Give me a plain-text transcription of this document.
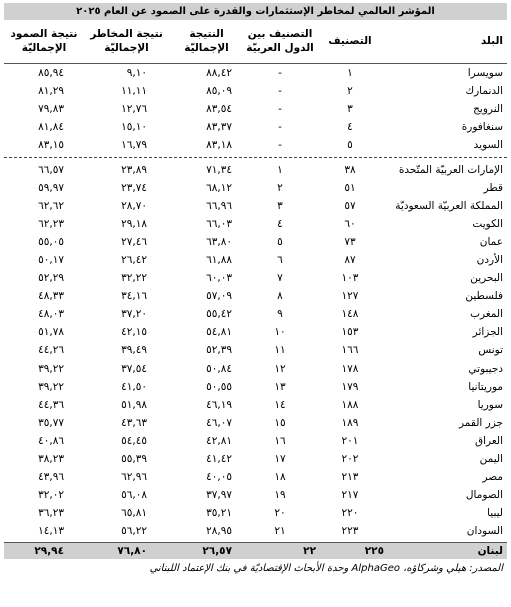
المؤشر العالمي لمخاطر الإستثمارات والقدرة على الصمود عن العام ٢٠٢٥
البلد
التصنيف
التصنيف بين الدول العربيّة
النتيجة الإجماليّة
نتيجة المخاطر الإجماليّة
نتيجة الصمود الإجماليّة
سويسرا
١
-
٨٨,٤٢
٩,١٠
٨٥,٩٤
الدنمارك
٢
-
٨٥,٠٩
١١,١١
٨١,٢٩
النرويج
٣
-
٨٣,٥٤
١٢,٧٦
٧٩,٨٣
سنغافورة
٤
-
٨٣,٣٧
١٥,١٠
٨١,٨٤
السويد
٥
-
٨٣,١٨
١٦,٧٩
٨٣,١٥
الإمارات العربيّة المتّحدة
٣٨
١
٧١,٣٤
٢٣,٨٩
٦٦,٥٧
قطر
٥١
٢
٦٨,١٢
٢٣,٧٤
٥٩,٩٧
المملكة العربيّة السعوديّة
٥٧
٣
٦٦,٩٦
٢٨,٧٠
٦٢,٦٢
الكويت
٦٠
٤
٦٦,٠٣
٢٩,١٨
٦٢,٢٣
عمان
٧٣
٥
٦٣,٨٠
٢٧,٤٦
٥٥,٠٥
الأردن
٨٧
٦
٦١,٨٨
٢٦,٤٢
٥٠,١٧
البحرين
١٠٣
٧
٦٠,٠٣
٣٢,٢٢
٥٢,٢٩
فلسطين
١٢٧
٨
٥٧,٠٩
٣٤,١٦
٤٨,٣٣
المغرب
١٤٨
٩
٥٥,٤٢
٣٧,٢٠
٤٨,٠٣
الجزائر
١٥٣
١٠
٥٤,٨١
٤٢,١٥
٥١,٧٨
تونس
١٦٦
١١
٥٢,٣٩
٣٩,٤٩
٤٤,٢٦
دجيبوتي
١٧٨
١٢
٥٠,٨٤
٣٧,٥٤
٣٩,٢٢
موريتانيا
١٧٩
١٣
٥٠,٥٥
٤١,٥٠
٣٩,٢٢
سوريا
١٨٨
١٤
٤٦,١٩
٥١,٩٨
٤٤,٣٦
جزر القمر
١٨٩
١٥
٤٦,٠٧
٤٣,٦٣
٣٥,٧٧
العراق
٢٠١
١٦
٤٢,٨١
٥٤,٤٥
٤٠,٨٦
اليمن
٢٠٢
١٧
٤١,٤٢
٥٥,٣٩
٣٨,٢٣
مصر
٢١٣
١٨
٤٠,٠٥
٦٢,٩٦
٤٣,٩٦
الصومال
٢١٧
١٩
٣٧,٩٧
٥٦,٠٨
٣٢,٠٢
ليبيا
٢٢٠
٢٠
٣٥,٢١
٦٥,٨١
٣٦,٢٣
السودان
٢٢٣
٢١
٢٨,٩٥
٥٦,٢٢
١٤,١٣
لبنان
٢٢٥
٢٢
٢٦,٥٧
٧٦,٨٠
٢٩,٩٤
المصدر: هيلي وشركاؤه، AlphaGeo وحدة الأبحاث الإقتصاديّة في بنك الإعتماد اللبناني
